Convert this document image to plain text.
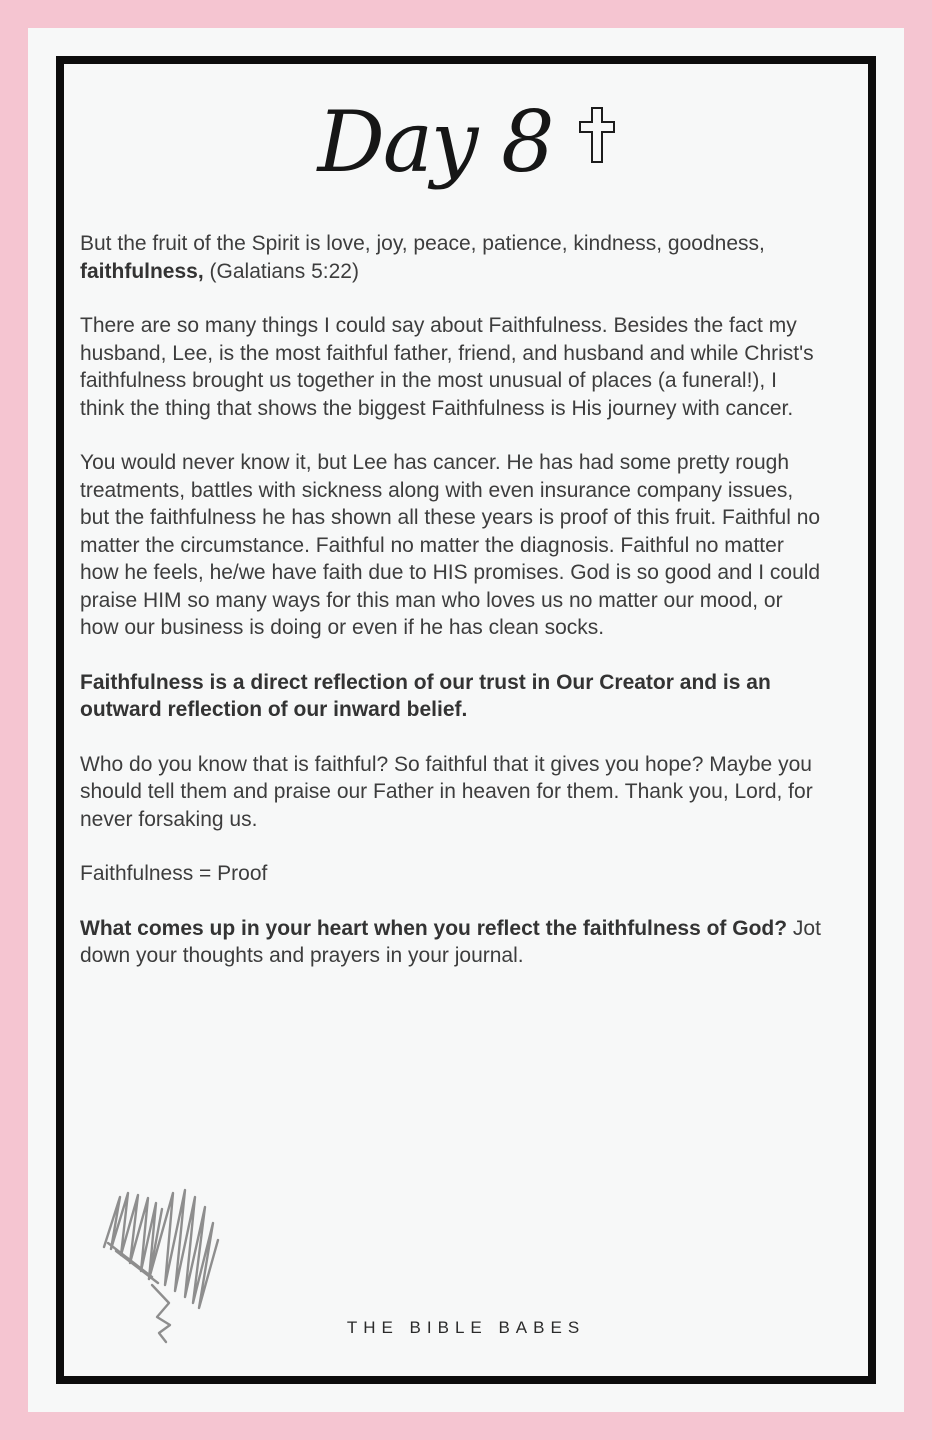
Day 8

But the fruit of the Spirit is love, joy, peace, patience, kindness, goodness, faithfulness, (Galatians 5:22)

There are so many things I could say about Faithfulness. Besides the fact my husband, Lee, is the most faithful father, friend, and husband and while Christ's faithfulness brought us together in the most unusual of places (a funeral!), I think the thing that shows the biggest Faithfulness is His journey with cancer.

You would never know it, but Lee has cancer. He has had some pretty rough treatments, battles with sickness along with even insurance company issues, but the faithfulness he has shown all these years is proof of this fruit. Faithful no matter the circumstance. Faithful no matter the diagnosis. Faithful no matter how he feels, he/we have faith due to HIS promises. God is so good and I could praise HIM so many ways for this man who loves us no matter our mood, or how our business is doing or even if he has clean socks.

Faithfulness is a direct reflection of our trust in Our Creator and is an outward reflection of our inward belief.

Who do you know that is faithful? So faithful that it gives you hope? Maybe you should tell them and praise our Father in heaven for them. Thank you, Lord, for never forsaking us.

Faithfulness = Proof

What comes up in your heart when you reflect the faithfulness of God? Jot down your thoughts and prayers in your journal.

THE BIBLE BABES
